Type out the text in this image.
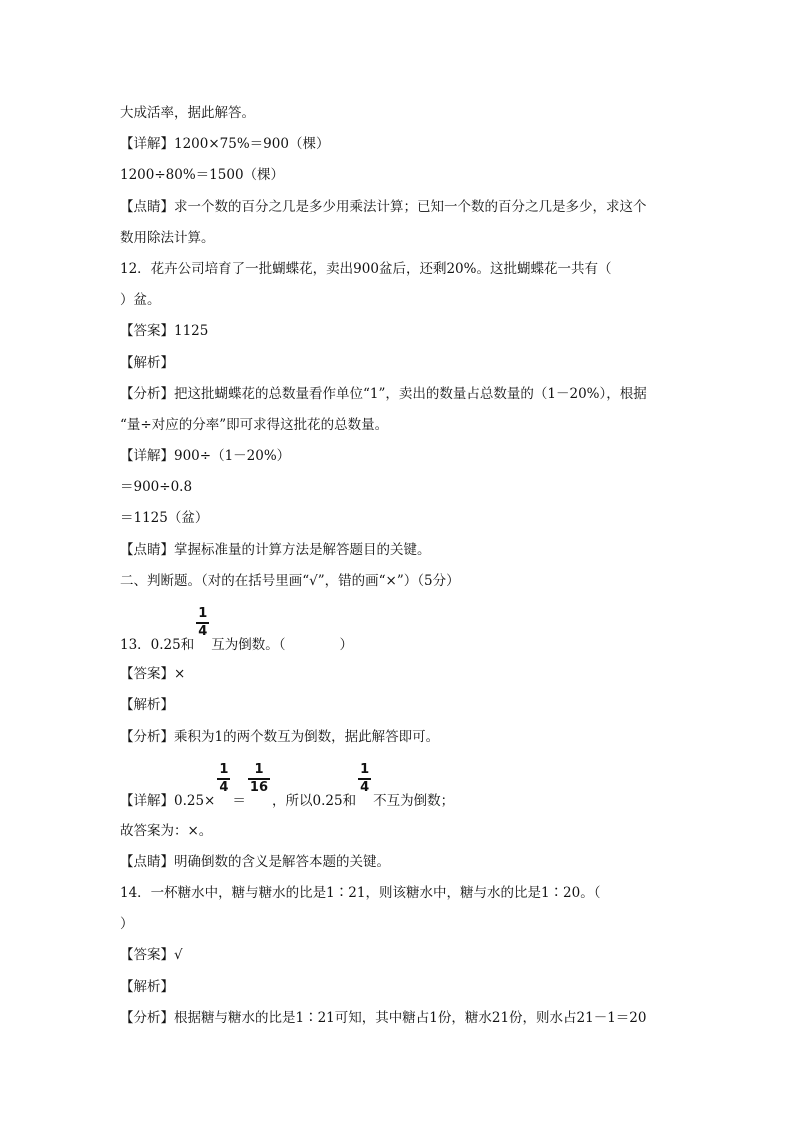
大成活率，据此解答。
【详解】1200×75%＝900（棵）
1200÷80%＝1500（棵）
【点睛】求一个数的百分之几是多少用乘法计算；已知一个数的百分之几是多少，求这个
数用除法计算。
12．花卉公司培育了一批蝴蝶花，卖出900盆后，还剩20%。这批蝴蝶花一共有（
）盆。
【答案】1125
【解析】
【分析】把这批蝴蝶花的总数量看作单位“1”，卖出的数量占总数量的（1－20%），根据
“量÷对应的分率”即可求得这批花的总数量。
【详解】900÷（1－20%）
＝900÷0.8
＝1125（盆）
【点睛】掌握标准量的计算方法是解答题目的关键。
二、判断题。（对的在括号里画“√”，错的画“×”）（5分）
13．0.25和
$\frac{1}{4}$
互为倒数。（　　　　）
【答案】×
【解析】
【分析】乘积为1的两个数互为倒数，据此解答即可。
【详解】0.25×
$\frac{1}{4}$
＝
$\frac{1}{16}$
，所以0.25和
$\frac{1}{4}$
不互为倒数；
故答案为：×。
【点睛】明确倒数的含义是解答本题的关键。
14．一杯糖水中，糖与糖水的比是1∶21，则该糖水中，糖与水的比是1∶20。（
）
【答案】√
【解析】
【分析】根据糖与糖水的比是1∶21可知，其中糖占1份，糖水21份，则水占21－1＝20
